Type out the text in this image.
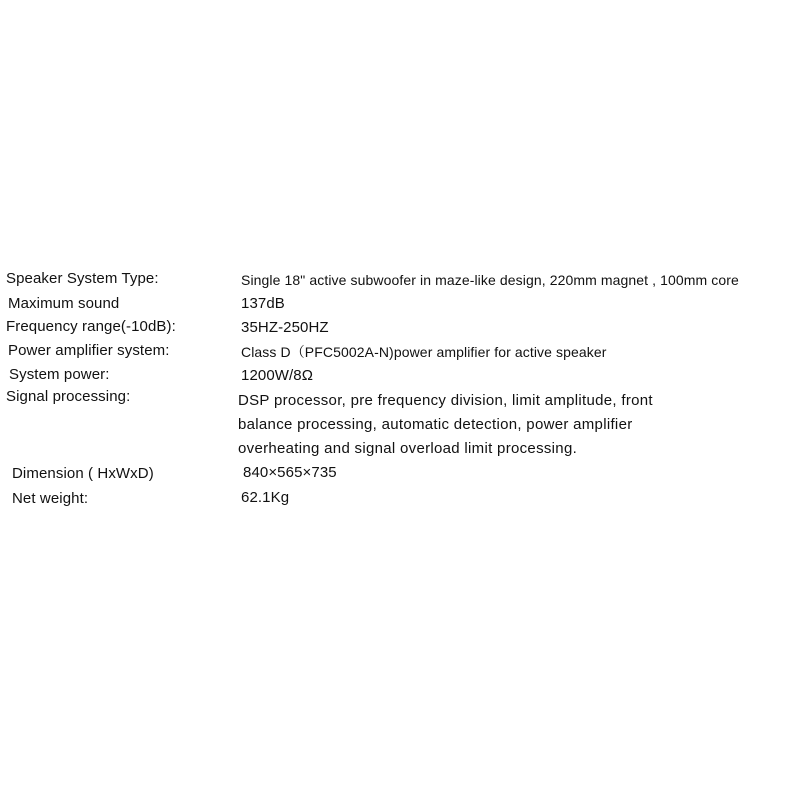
Speaker System Type:	Single 18" active subwoofer in maze-like design, 220mm magnet , 100mm core
Maximum sound	137dB
Frequency range(-10dB):	35HZ-250HZ
Power amplifier system:	Class D（PFC5002A-N)power amplifier for active speaker
System power:	1200W/8Ω
Signal processing:	DSP processor, pre frequency division, limit amplitude, front
balance processing, automatic detection, power amplifier
overheating and signal overload limit processing.
Dimension ( HxWxD)	840×565×735
Net weight:	62.1Kg
